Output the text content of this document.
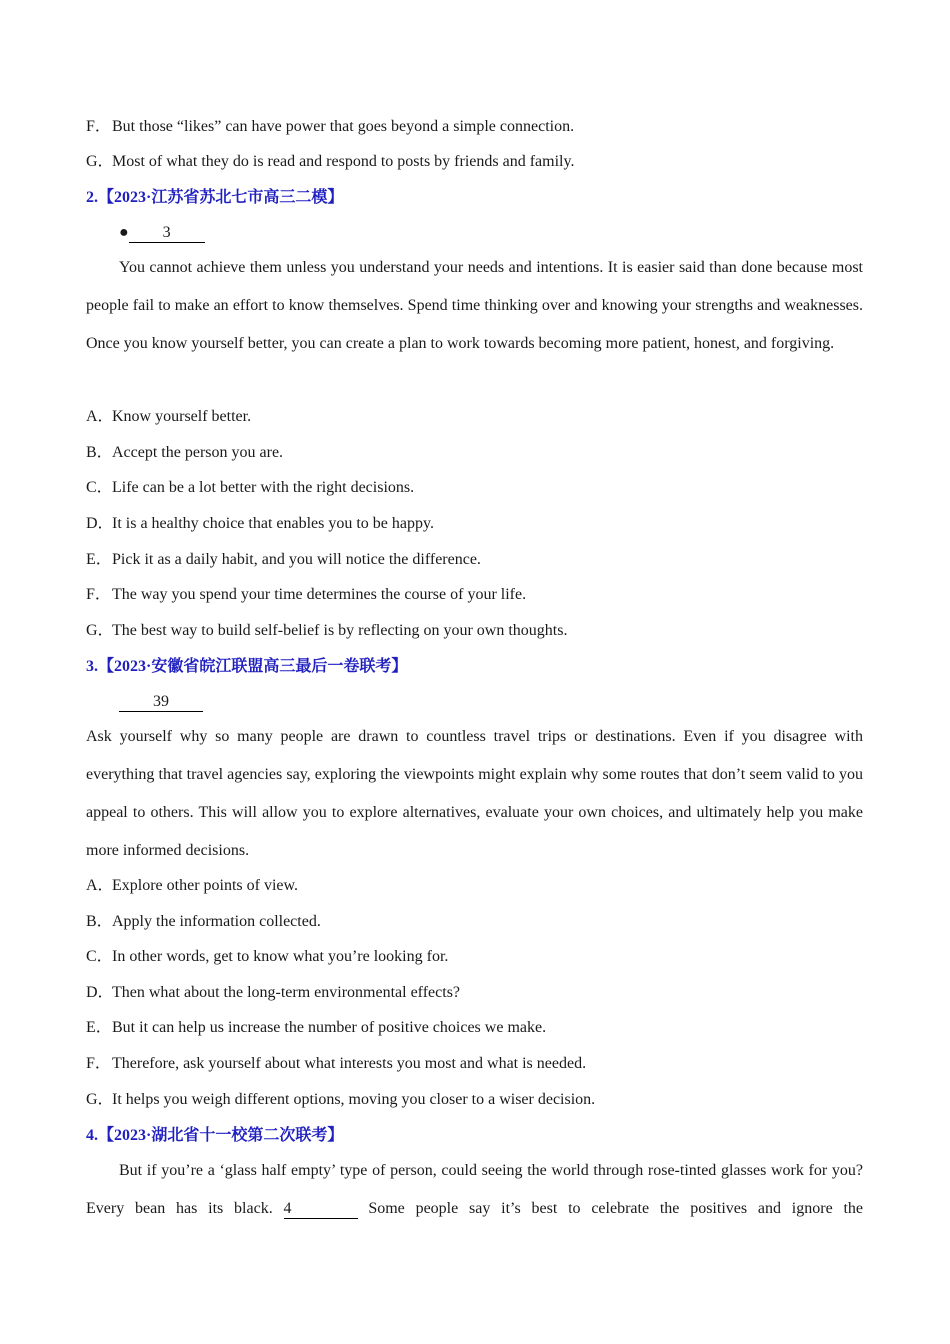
F．But those “likes” can have power that goes beyond a simple connection.
G．Most of what they do is read and respond to posts by friends and family.
2.【2023·江苏省苏北七市高三二模】
● 3
You cannot achieve them unless you understand your needs and intentions. It is easier said than done because most people fail to make an effort to know themselves. Spend time thinking over and knowing your strengths and weaknesses. Once you know yourself better, you can create a plan to work towards becoming more patient, honest, and forgiving.
A．Know yourself better.
B．Accept the person you are.
C．Life can be a lot better with the right decisions.
D．It is a healthy choice that enables you to be happy.
E．Pick it as a daily habit, and you will notice the difference.
F．The way you spend your time determines the course of your life.
G．The best way to build self-belief is by reflecting on your own thoughts.
3.【2023·安徽省皖江联盟高三最后一卷联考】
39
Ask yourself why so many people are drawn to countless travel trips or destinations. Even if you disagree with everything that travel agencies say, exploring the viewpoints might explain why some routes that don’t seem valid to you appeal to others. This will allow you to explore alternatives, evaluate your own choices, and ultimately help you make more informed decisions.
A．Explore other points of view.
B．Apply the information collected.
C．In other words, get to know what you’re looking for.
D．Then what about the long-term environmental effects?
E．But it can help us increase the number of positive choices we make.
F．Therefore, ask yourself about what interests you most and what is needed.
G．It helps you weigh different options, moving you closer to a wiser decision.
4.【2023·湖北省十一校第二次联考】
But if you’re a ‘glass half empty’ type of person, could seeing the world through rose-tinted glasses work for you? Every bean has its black. 4	Some people say it’s best to celebrate the positives and ignore the
